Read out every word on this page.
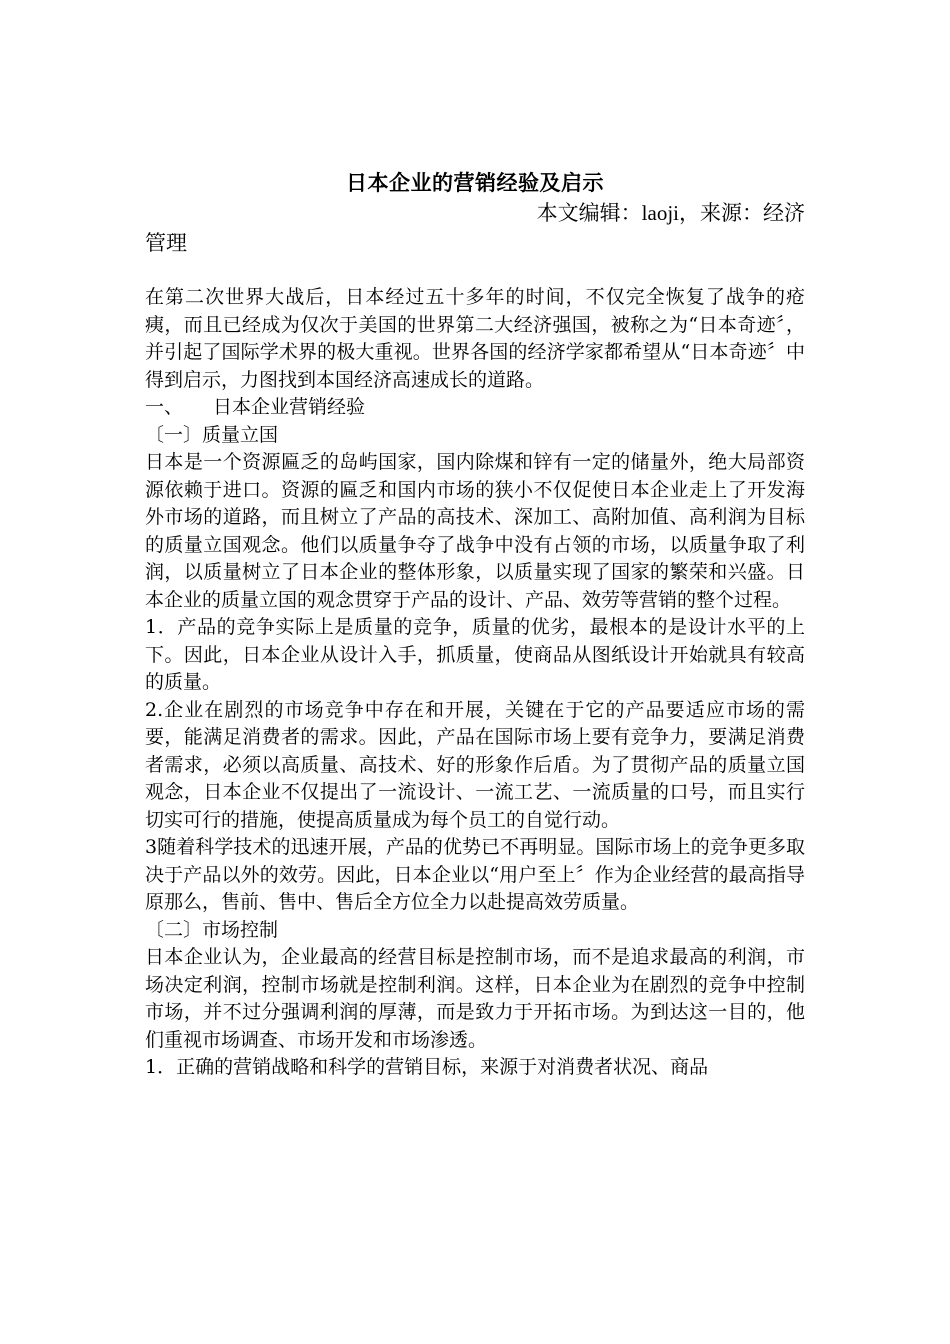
日本企业的营销经验及启示
本文编辑：laoji，来源：经济
管理

在第二次世界大战后，日本经过五十多年的时间，不仅完全恢复了战争的疮痍，而且已经成为仅次于美国的世界第二大经济强国，被称之为“日本奇迹〞，并引起了国际学术界的极大重视。世界各国的经济学家都希望从“日本奇迹〞中得到启示，力图找到本国经济高速成长的道路。

一、 日本企业营销经验

〔一〕质量立国

日本是一个资源匾乏的岛屿国家，国内除煤和锌有一定的储量外，绝大局部资源依赖于进口。资源的匾乏和国内市场的狭小不仅促使日本企业走上了开发海外市场的道路，而且树立了产品的高技术、深加工、高附加值、高利润为目标的质量立国观念。他们以质量争夺了战争中没有占领的市场，以质量争取了利润，以质量树立了日本企业的整体形象，以质量实现了国家的繁荣和兴盛。日本企业的质量立国的观念贯穿于产品的设计、产品、效劳等营销的整个过程。

1．产品的竞争实际上是质量的竞争，质量的优劣，最根本的是设计水平的上下。因此，日本企业从设计入手，抓质量，使商品从图纸设计开始就具有较高的质量。

2.企业在剧烈的市场竞争中存在和开展，关键在于它的产品要适应市场的需要，能满足消费者的需求。因此，产品在国际市场上要有竞争力，要满足消费者需求，必须以高质量、高技术、好的形象作后盾。为了贯彻产品的质量立国观念，日本企业不仅提出了一流设计、一流工艺、一流质量的口号，而且实行切实可行的措施，使提高质量成为每个员工的自觉行动。

3随着科学技术的迅速开展，产品的优势已不再明显。国际市场上的竞争更多取决于产品以外的效劳。因此，日本企业以“用户至上〞作为企业经营的最高指导原那么，售前、售中、售后全方位全力以赴提高效劳质量。

〔二〕市场控制

日本企业认为，企业最高的经营目标是控制市场，而不是追求最高的利润，市场决定利润，控制市场就是控制利润。这样，日本企业为在剧烈的竞争中控制市场，并不过分强调利润的厚薄，而是致力于开拓市场。为到达这一目的，他们重视市场调查、市场开发和市场渗透。

1．正确的营销战略和科学的营销目标，来源于对消费者状况、商品
